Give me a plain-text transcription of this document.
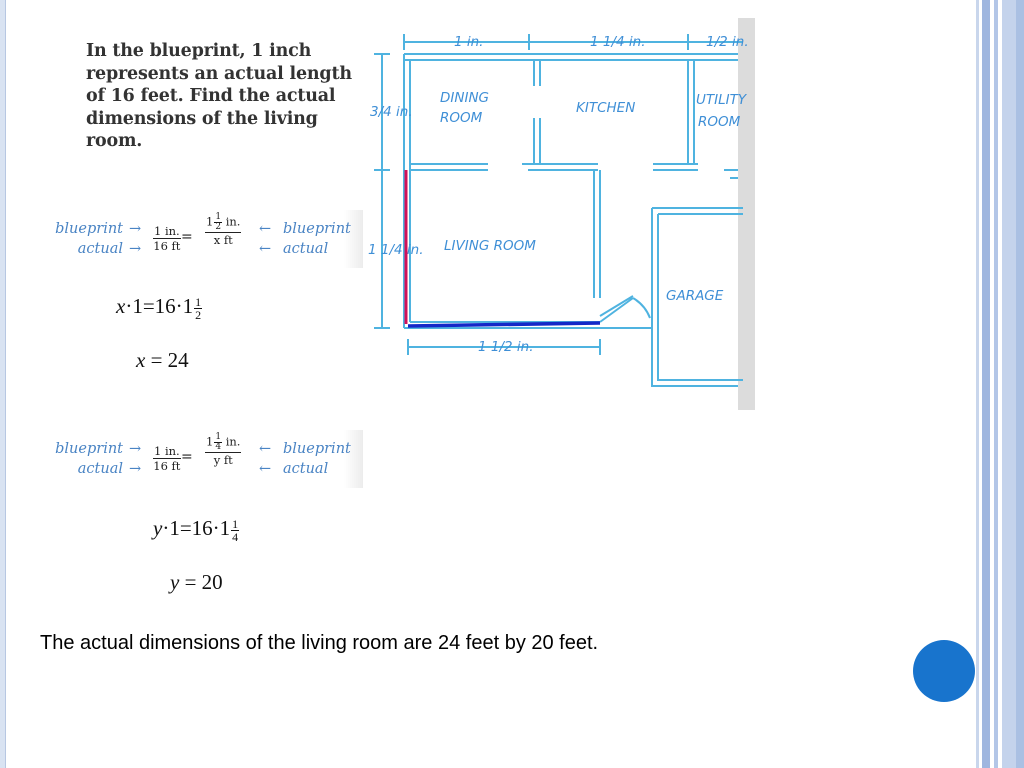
In the blueprint, 1 inch represents an actual length of 16 feet. Find the actual dimensions of the living room.
blueprint
actual
→
→ $\frac{1 in.}{16 ft} = \frac{1 \frac{1}{2} in.}{\text{x ft}}$ ←
←
blueprint
actual
$x\cdot 1=16\cdot 1 \frac{1}{2}$
x = 24
blueprint
actual
→
→ $\frac{1 in.}{16 ft} = \frac{1 \frac{1}{4} in.}{\text{y ft}}$ ←
←
blueprint
actual
$y\cdot 1=16\cdot 1 \frac{1}{4}$
y = 20
The actual dimensions of the living room are 24 feet by 20 feet.
1 in.	1 1/4 in.	1/2 in.
3/4 in.
1 1/4 in.
1 1/2 in.
DINING
ROOM
KITCHEN	UTILITY
ROOM
LIVING ROOM
GARAGE
